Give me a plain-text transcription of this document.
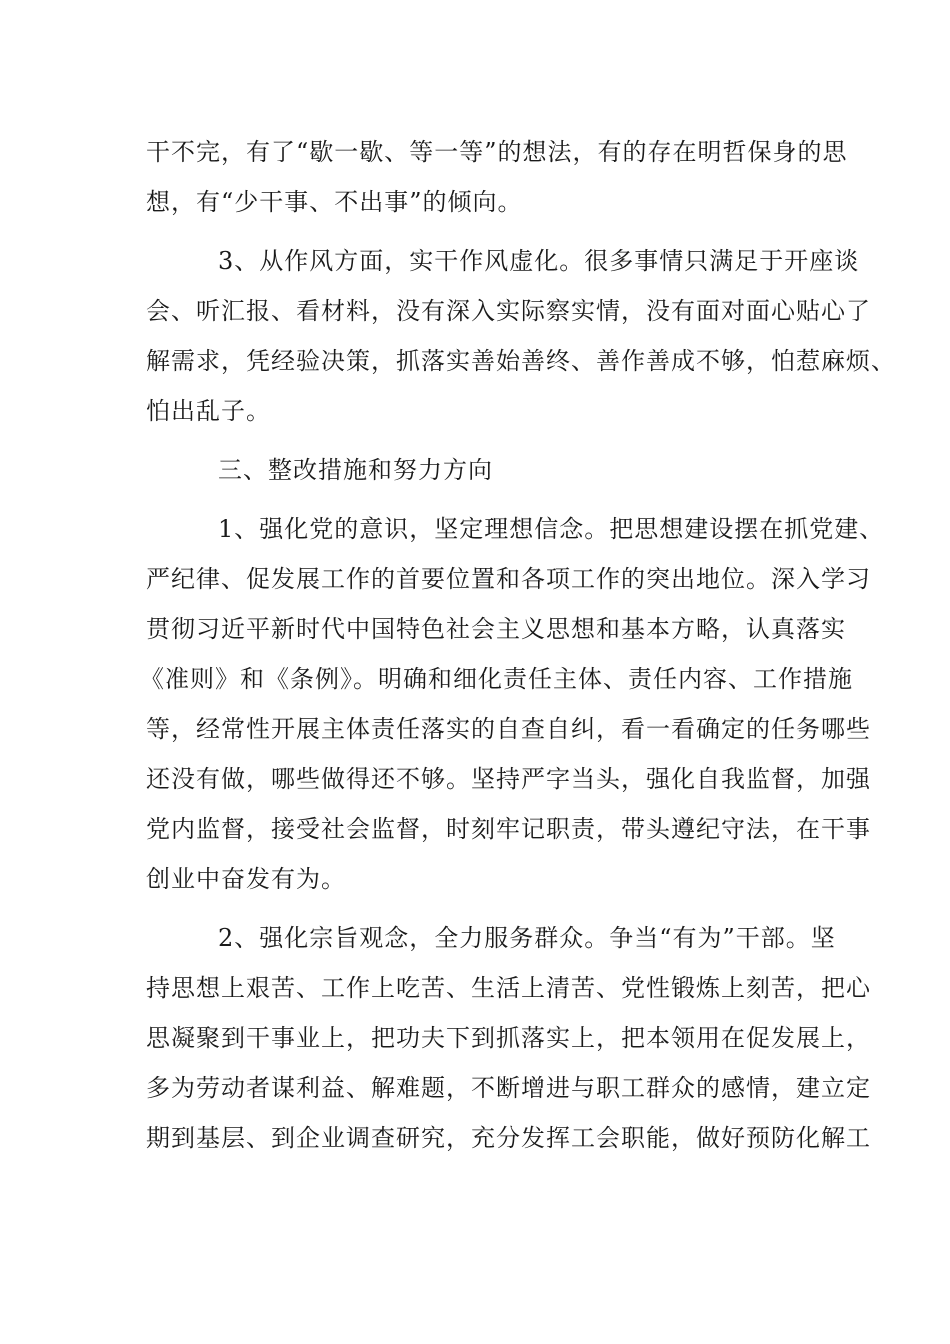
干不完，有了“歇一歇、等一等”的想法，有的存在明哲保身的思
想，有“少干事、不出事”的倾向。
3、从作风方面，实干作风虚化。很多事情只满足于开座谈
会、听汇报、看材料，没有深入实际察实情，没有面对面心贴心了
解需求，凭经验决策，抓落实善始善终、善作善成不够，怕惹麻烦、
怕出乱子。
三、整改措施和努力方向
1、强化党的意识，坚定理想信念。把思想建设摆在抓党建、
严纪律、促发展工作的首要位置和各项工作的突出地位。深入学习
贯彻习近平新时代中国特色社会主义思想和基本方略，认真落实
《准则》和《条例》。明确和细化责任主体、责任内容、工作措施
等，经常性开展主体责任落实的自查自纠，看一看确定的任务哪些
还没有做，哪些做得还不够。坚持严字当头，强化自我监督，加强
党内监督，接受社会监督，时刻牢记职责，带头遵纪守法，在干事
创业中奋发有为。
2、强化宗旨观念，全力服务群众。争当“有为”干部。坚
持思想上艰苦、工作上吃苦、生活上清苦、党性锻炼上刻苦，把心
思凝聚到干事业上，把功夫下到抓落实上，把本领用在促发展上，
多为劳动者谋利益、解难题，不断增进与职工群众的感情，建立定
期到基层、到企业调查研究，充分发挥工会职能，做好预防化解工
